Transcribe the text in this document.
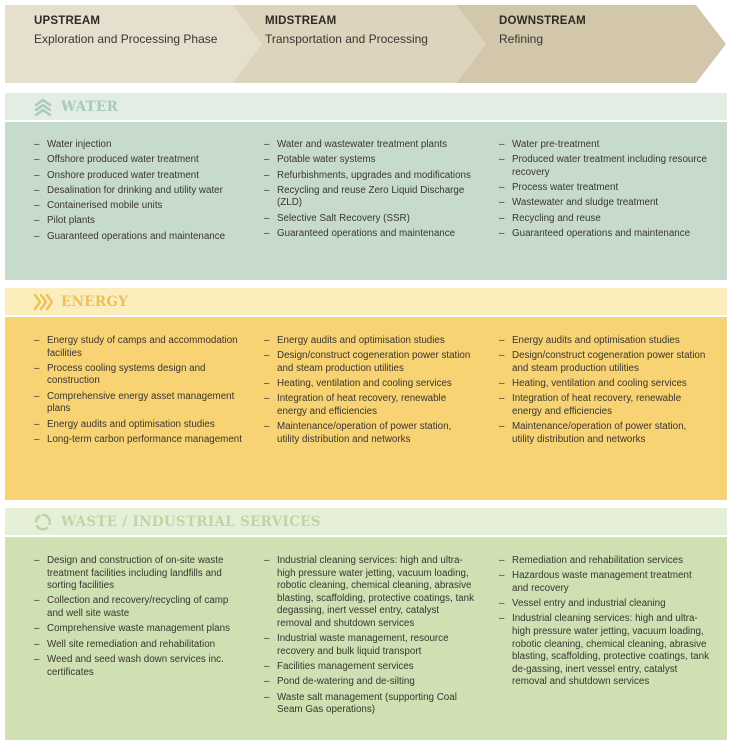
UPSTREAM
Exploration and Processing Phase
MIDSTREAM
Transportation and Processing
DOWNSTREAM
Refining
WATER
– Water injection
– Offshore produced water treatment
– Onshore produced water treatment
– Desalination for drinking and utility water
– Containerised mobile units
– Pilot plants
– Guaranteed operations and maintenance
– Water and wastewater treatment plants
– Potable water systems
– Refurbishments, upgrades and modifications
– Recycling and reuse Zero Liquid Discharge (ZLD)
– Selective Salt Recovery (SSR)
– Guaranteed operations and maintenance
– Water pre-treatment
– Produced water treatment including resource recovery
– Process water treatment
– Wastewater and sludge treatment
– Recycling and reuse
– Guaranteed operations and maintenance
ENERGY
– Energy study of camps and accommodation facilities
– Process cooling systems design and construction
– Comprehensive energy asset management plans
– Energy audits and optimisation studies
– Long-term carbon performance management
– Energy audits and optimisation studies
– Design/construct cogeneration power station and steam production utilities
– Heating, ventilation and cooling services
– Integration of heat recovery, renewable energy and efficiencies
– Maintenance/operation of power station, utility distribution and networks
– Energy audits and optimisation studies
– Design/construct cogeneration power station and steam production utilities
– Heating, ventilation and cooling services
– Integration of heat recovery, renewable energy and efficiencies
– Maintenance/operation of power station, utility distribution and networks
WASTE / INDUSTRIAL SERVICES
– Design and construction of on-site waste treatment facilities including landfills and sorting facilities
– Collection and recovery/recycling of camp and well site waste
– Comprehensive waste management plans
– Well site remediation and rehabilitation
– Weed and seed wash down services inc. certificates
– Industrial cleaning services: high and ultra-high pressure water jetting, vacuum loading, robotic cleaning, chemical cleaning, abrasive blasting, scaffolding, protective coatings, tank degassing, inert vessel entry, catalyst removal and shutdown services
– Industrial waste management, resource recovery and bulk liquid transport
– Facilities management services
– Pond de-watering and de-silting
– Waste salt management (supporting Coal Seam Gas operations)
– Remediation and rehabilitation services
– Hazardous waste management treatment and recovery
– Vessel entry and industrial cleaning
– Industrial cleaning services: high and ultra-high pressure water jetting, vacuum loading, robotic cleaning, chemical cleaning, abrasive blasting, scaffolding, protective coatings, tank de-gassing, inert vessel entry, catalyst removal and shutdown services
